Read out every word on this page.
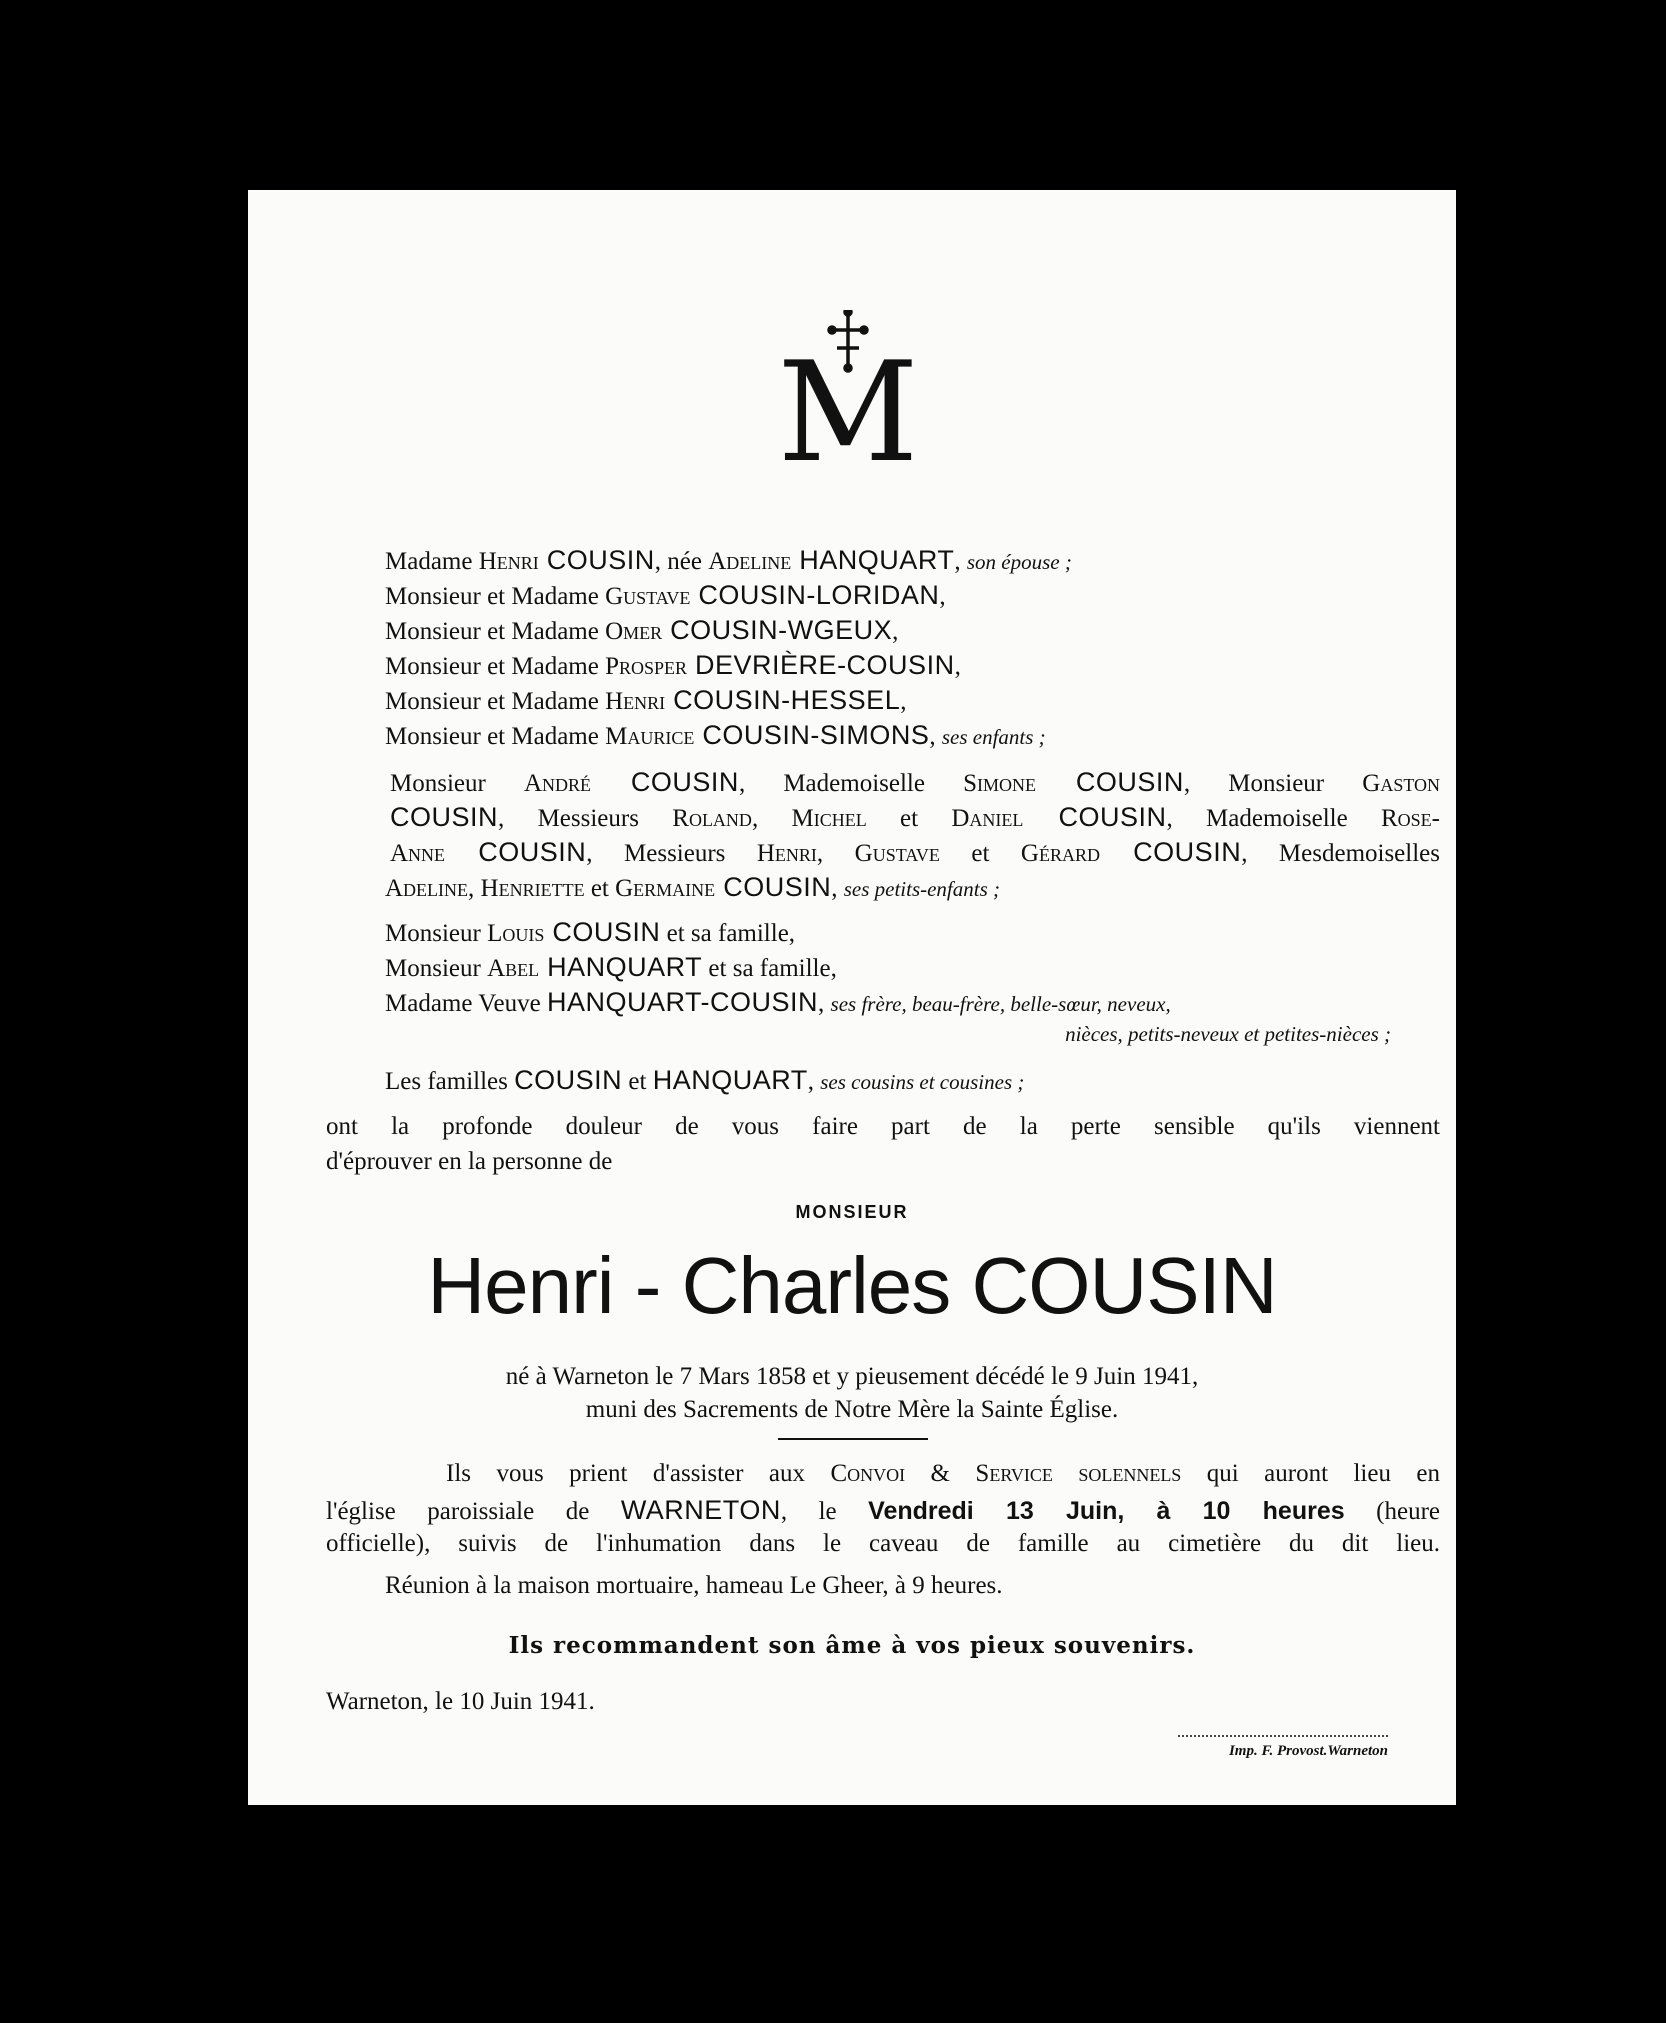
M
Madame Henri COUSIN, née Adeline HANQUART, son épouse ;
Monsieur et Madame Gustave COUSIN-LORIDAN,
Monsieur et Madame Omer COUSIN-WGEUX,
Monsieur et Madame Prosper DEVRIÈRE-COUSIN,
Monsieur et Madame Henri COUSIN-HESSEL,
Monsieur et Madame Maurice COUSIN-SIMONS, ses enfants ;
Monsieur André COUSIN, Mademoiselle Simone COUSIN, Monsieur Gaston
COUSIN, Messieurs Roland, Michel et Daniel COUSIN, Mademoiselle Rose-
Anne COUSIN, Messieurs Henri, Gustave et Gérard COUSIN, Mesdemoiselles
Adeline, Henriette et Germaine COUSIN, ses petits-enfants ;
Monsieur Louis COUSIN et sa famille,
Monsieur Abel HANQUART et sa famille,
Madame Veuve HANQUART-COUSIN, ses frère, beau-frère, belle-sœur, neveux,
nièces, petits-neveux et petites-nièces ;
Les familles COUSIN et HANQUART, ses cousins et cousines ;
ont la profonde douleur de vous faire part de la perte sensible qu'ils viennent
d'éprouver en la personne de
MONSIEUR
Henri - Charles COUSIN
né à Warneton le 7 Mars 1858 et y pieusement décédé le 9 Juin 1941,
muni des Sacrements de Notre Mère la Sainte Église.
Ils vous prient d'assister aux Convoi & Service solennels qui auront lieu en
l'église paroissiale de WARNETON, le Vendredi 13 Juin, à 10 heures (heure
officielle), suivis de l'inhumation dans le caveau de famille au cimetière du dit lieu.
Réunion à la maison mortuaire, hameau Le Gheer, à 9 heures.
Ils recommandent son âme à vos pieux souvenirs.
Warneton, le 10 Juin 1941.
Imp. F. Provost.Warneton
